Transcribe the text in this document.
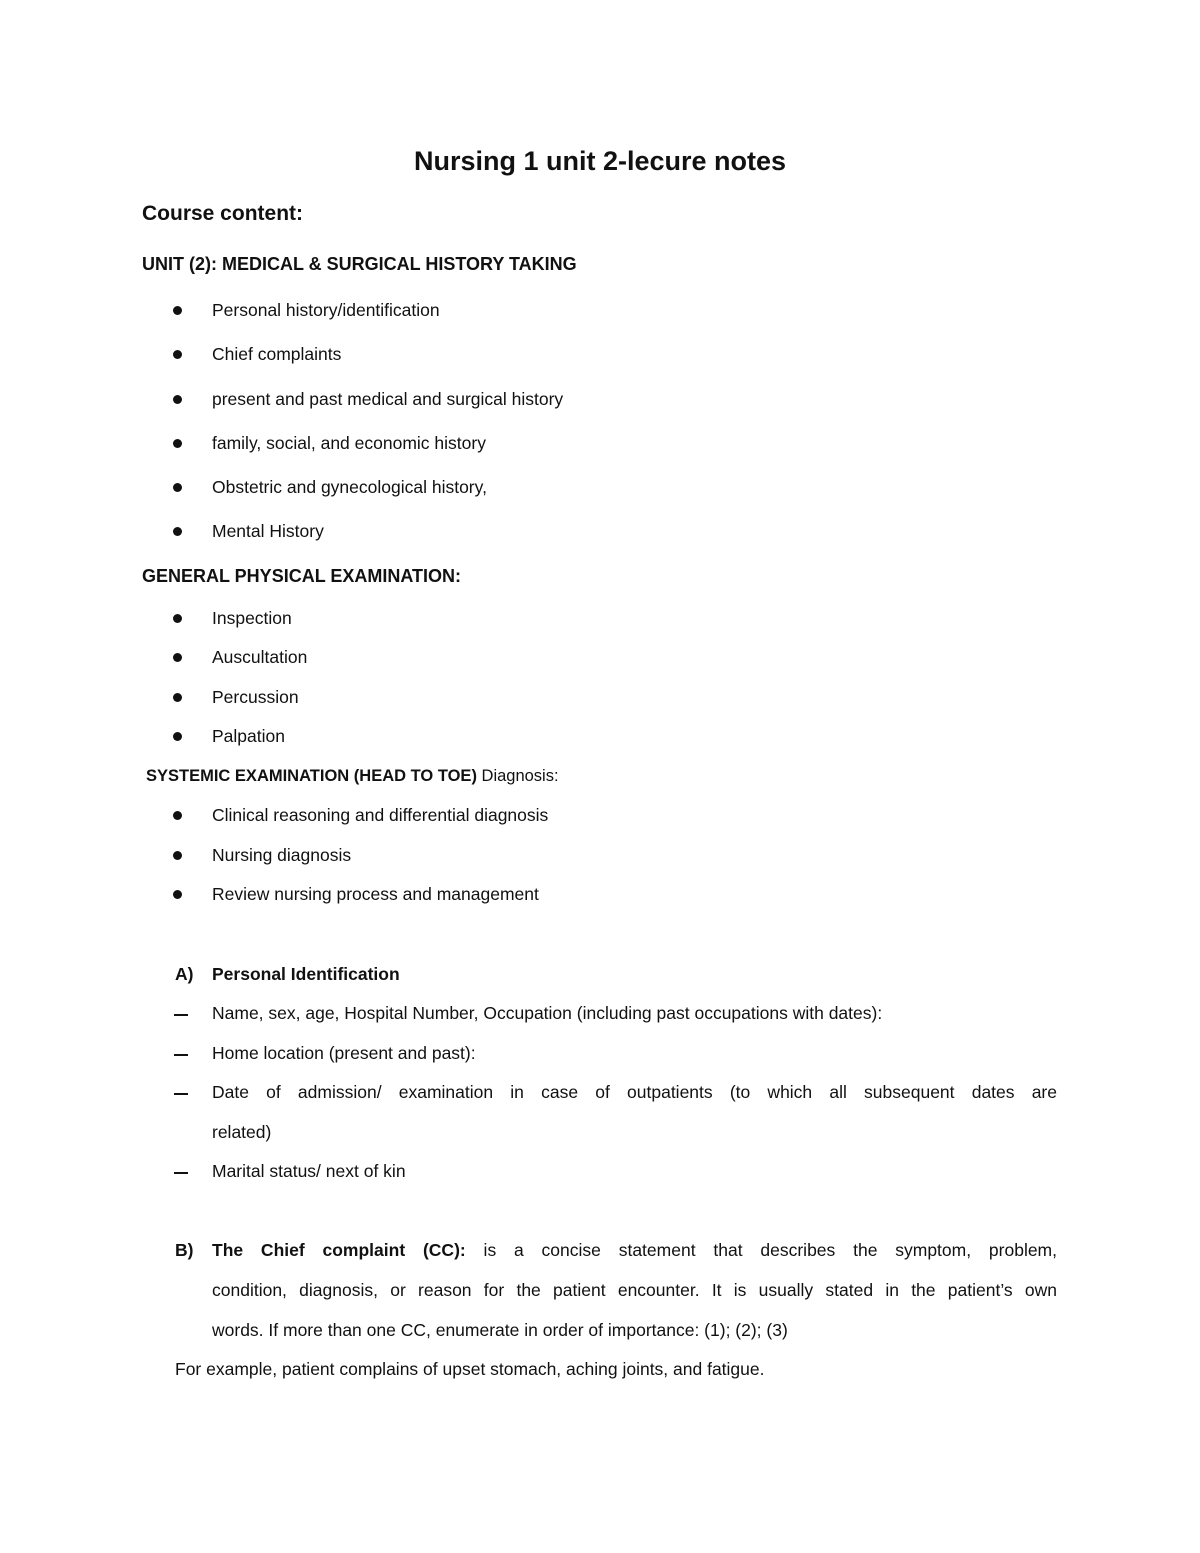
Nursing 1 unit 2-lecure notes
Course content:
UNIT (2): MEDICAL & SURGICAL HISTORY TAKING
Personal history/identification
Chief complaints
present and past medical and surgical history
family, social, and economic history
Obstetric and gynecological history,
Mental History
GENERAL PHYSICAL EXAMINATION:
Inspection
Auscultation
Percussion
Palpation
SYSTEMIC EXAMINATION (HEAD TO TOE) Diagnosis:
Clinical reasoning and differential diagnosis
Nursing diagnosis
Review nursing process and management
A) Personal Identification
Name, sex, age, Hospital Number, Occupation (including past occupations with dates):
Home location (present and past):
Date of admission/ examination in case of outpatients (to which all subsequent dates are
related)
Marital status/ next of kin
B) The Chief complaint (CC): is a concise statement that describes the symptom, problem,
condition, diagnosis, or reason for the patient encounter. It is usually stated in the patient’s own
words. If more than one CC, enumerate in order of importance: (1); (2); (3)
For example, patient complains of upset stomach, aching joints, and fatigue.
